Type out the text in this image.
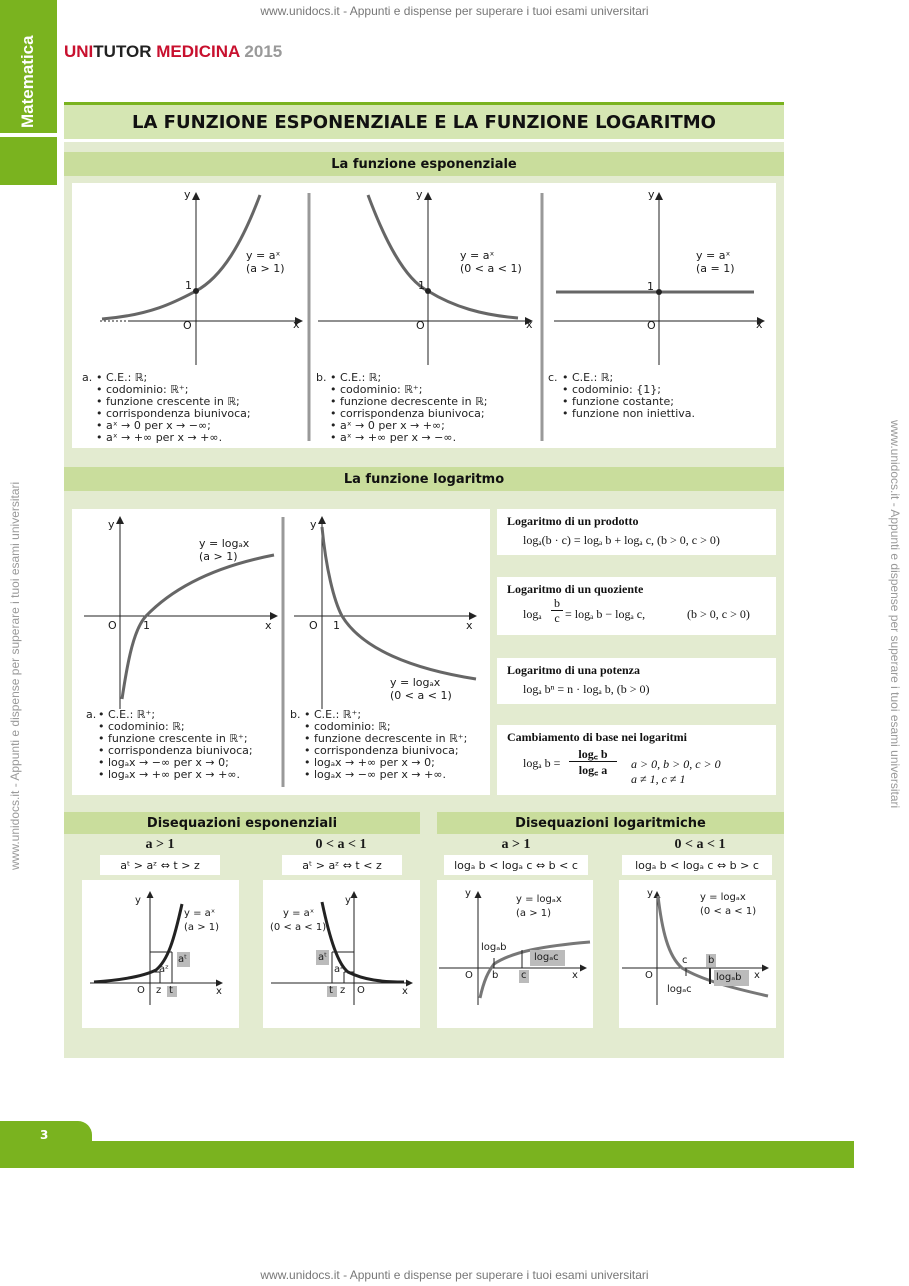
www.unidocs.it - Appunti e dispense per superare i tuoi esami universitari
www.unidocs.it - Appunti e dispense per superare i tuoi esami universitari
www.unidocs.it - Appunti e dispense per superare i tuoi esami universitari	www.unidocs.it - Appunti e dispense per superare i tuoi esami universitari
Matematica UNITUTOR MEDICINA 2015
LA FUNZIONE ESPONENZIALE E LA FUNZIONE LOGARITMO
La funzione esponenziale
y
x
O
1
y = aˣ
(a > 1)
y
x
O
1
y = aˣ
(0 < a < 1)
y
x
O
1
y = aˣ
(a = 1)
a. • C.E.: ℝ;
• codominio: ℝ⁺;
• funzione crescente in ℝ;
• corrispondenza biunivoca;
• aˣ → 0 per x → −∞;
• aˣ → +∞ per x → +∞.
b. • C.E.: ℝ;
• codominio: ℝ⁺;
• funzione decrescente in ℝ;
• corrispondenza biunivoca;
• aˣ → 0 per x → +∞;
• aˣ → +∞ per x → −∞.
c. • C.E.: ℝ;
• codominio: {1};
• funzione costante;
• funzione non iniettiva.
La funzione logaritmo
y
x
O 1
y = logₐx
(a > 1)
y
x
O 1
y = logₐx
(0 < a < 1)
a. • C.E.: ℝ⁺;
• codominio: ℝ;
• funzione crescente in ℝ⁺;
• corrispondenza biunivoca;
• logₐx → −∞ per x → 0;
• logₐx → +∞ per x → +∞.
b. • C.E.: ℝ⁺;
• codominio: ℝ;
• funzione decrescente in ℝ⁺;
• corrispondenza biunivoca;
• logₐx → +∞ per x → 0;
• logₐx → −∞ per x → +∞.
Logaritmo di un prodotto
logₐ(b · c) = logₐ b + logₐ c, (b > 0, c > 0)
Logaritmo di un quoziente
logₐ
b
c = logₐ b − logₐ c,	(b > 0, c > 0)
Logaritmo di una potenza
logₐ bⁿ = n · logₐ b, (b > 0)
Cambiamento di base nei logaritmi
logₐ b =
log꜀ b
log꜀ a	a > 0, b > 0, c > 0
a ≠ 1, c ≠ 1
Disequazioni esponenziali	Disequazioni logaritmiche
a > 1	0 < a < 1	a > 1	0 < a < 1
aᵗ > aᶻ ⇔ t > z	aᵗ > aᶻ ⇔ t < z	logₐ b < logₐ c ⇔ b < c	logₐ b < logₐ c ⇔ b > c
y
x
O z t
aᶻ
aᵗ
y = aˣ
(a > 1)
y
x
O
z
t
aᶻ
aᵗ
y = aˣ
(0 < a < 1)
y
x
O b c
logₐb
logₐc
y = logₐx
(a > 1)
y
x
O
b
c
logₐb
logₐc
y = logₐx
(0 < a < 1)
3
